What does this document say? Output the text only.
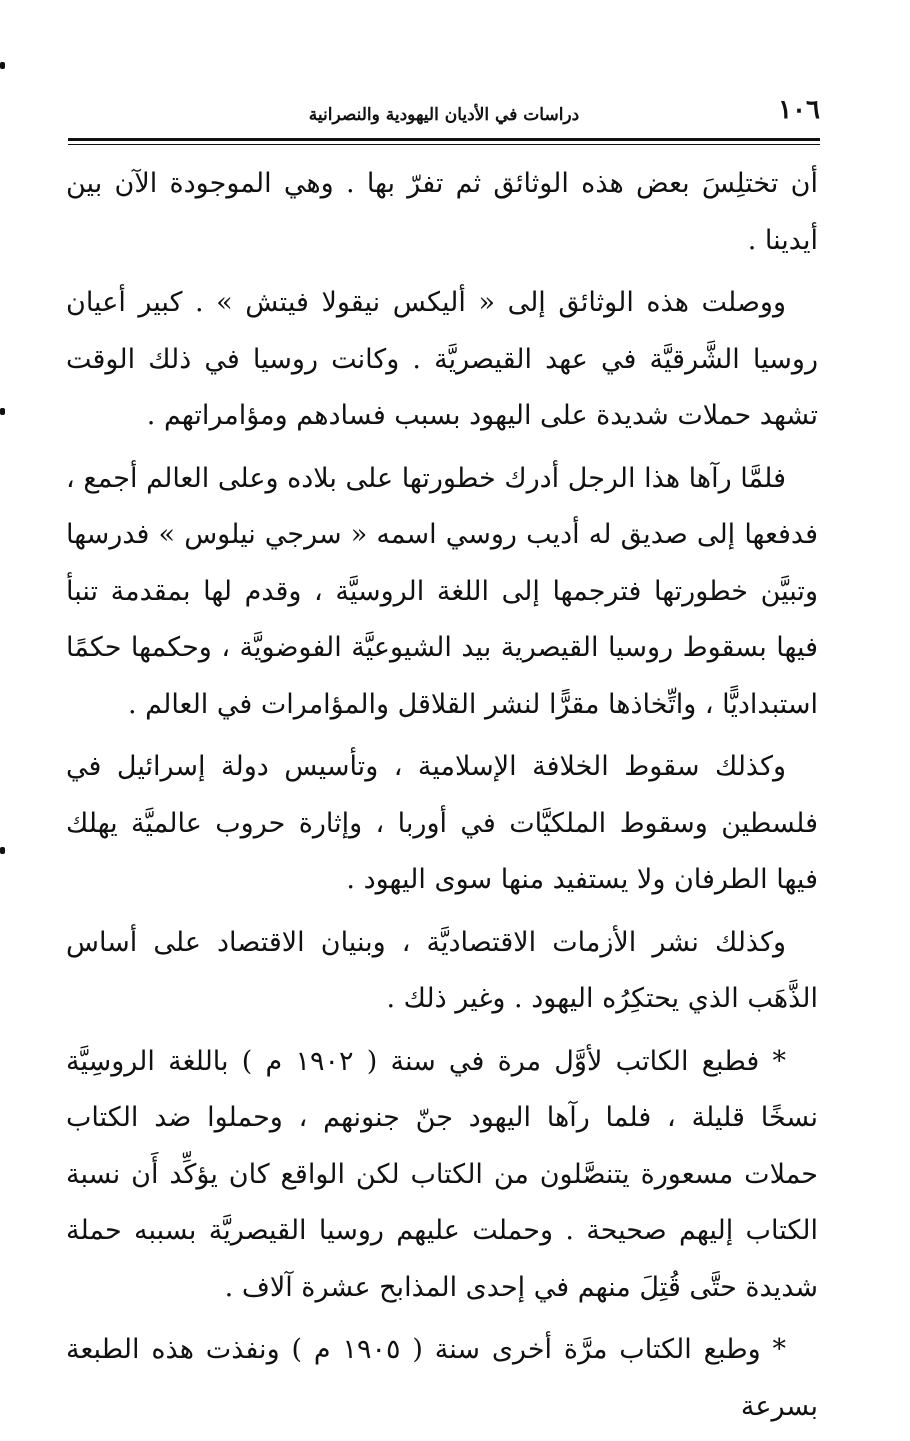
١٠٦
دراسات في الأديان اليهودية والنصرانية

أن تختلِسَ بعض هذه الوثائق ثم تفرّ بها . وهي الموجودة الآن بين أيدينا .

ووصلت هذه الوثائق إلى « أليكس نيقولا فيتش » . كبير أعيان روسيا الشَّرقيَّة في عهد القيصريَّة . وكانت روسيا في ذلك الوقت تشهد حملات شديدة على اليهود بسبب فسادهم ومؤامراتهم .

فلمَّا رآها هذا الرجل أدرك خطورتها على بلاده وعلى العالم أجمع ، فدفعها إلى صديق له أديب روسي اسمه « سرجي نيلوس » فدرسها وتبيَّن خطورتها فترجمها إلى اللغة الروسيَّة ، وقدم لها بمقدمة تنبأ فيها بسقوط روسيا القيصرية بيد الشيوعيَّة الفوضويَّة ، وحكمها حكمًا استبداديًّا ، واتِّخاذها مقرًّا لنشر القلاقل والمؤامرات في العالم .

وكذلك سقوط الخلافة الإسلامية ، وتأسيس دولة إسرائيل في فلسطين وسقوط الملكيَّات في أوربا ، وإثارة حروب عالميَّة يهلك فيها الطرفان ولا يستفيد منها سوى اليهود .

وكذلك نشر الأزمات الاقتصاديَّة ، وبنيان الاقتصاد على أساس الذَّهَب الذي يحتكِرُه اليهود . وغير ذلك .

* فطبع الكاتب لأوَّل مرة في سنة ( ١٩٠٢ م ) باللغة الروسِيَّة نسخًا قليلة ، فلما رآها اليهود جنّ جنونهم ، وحملوا ضد الكتاب حملات مسعورة يتنصَّلون من الكتاب لكن الواقع كان يؤكِّد أَن نسبة الكتاب إليهم صحيحة . وحملت عليهم روسيا القيصريَّة بسببه حملة شديدة حتَّى قُتِلَ منهم في إحدى المذابح عشرة آلاف .

* وطبع الكتاب مرَّة أخرى سنة ( ١٩٠٥ م ) ونفذت هذه الطبعة بسرعة
